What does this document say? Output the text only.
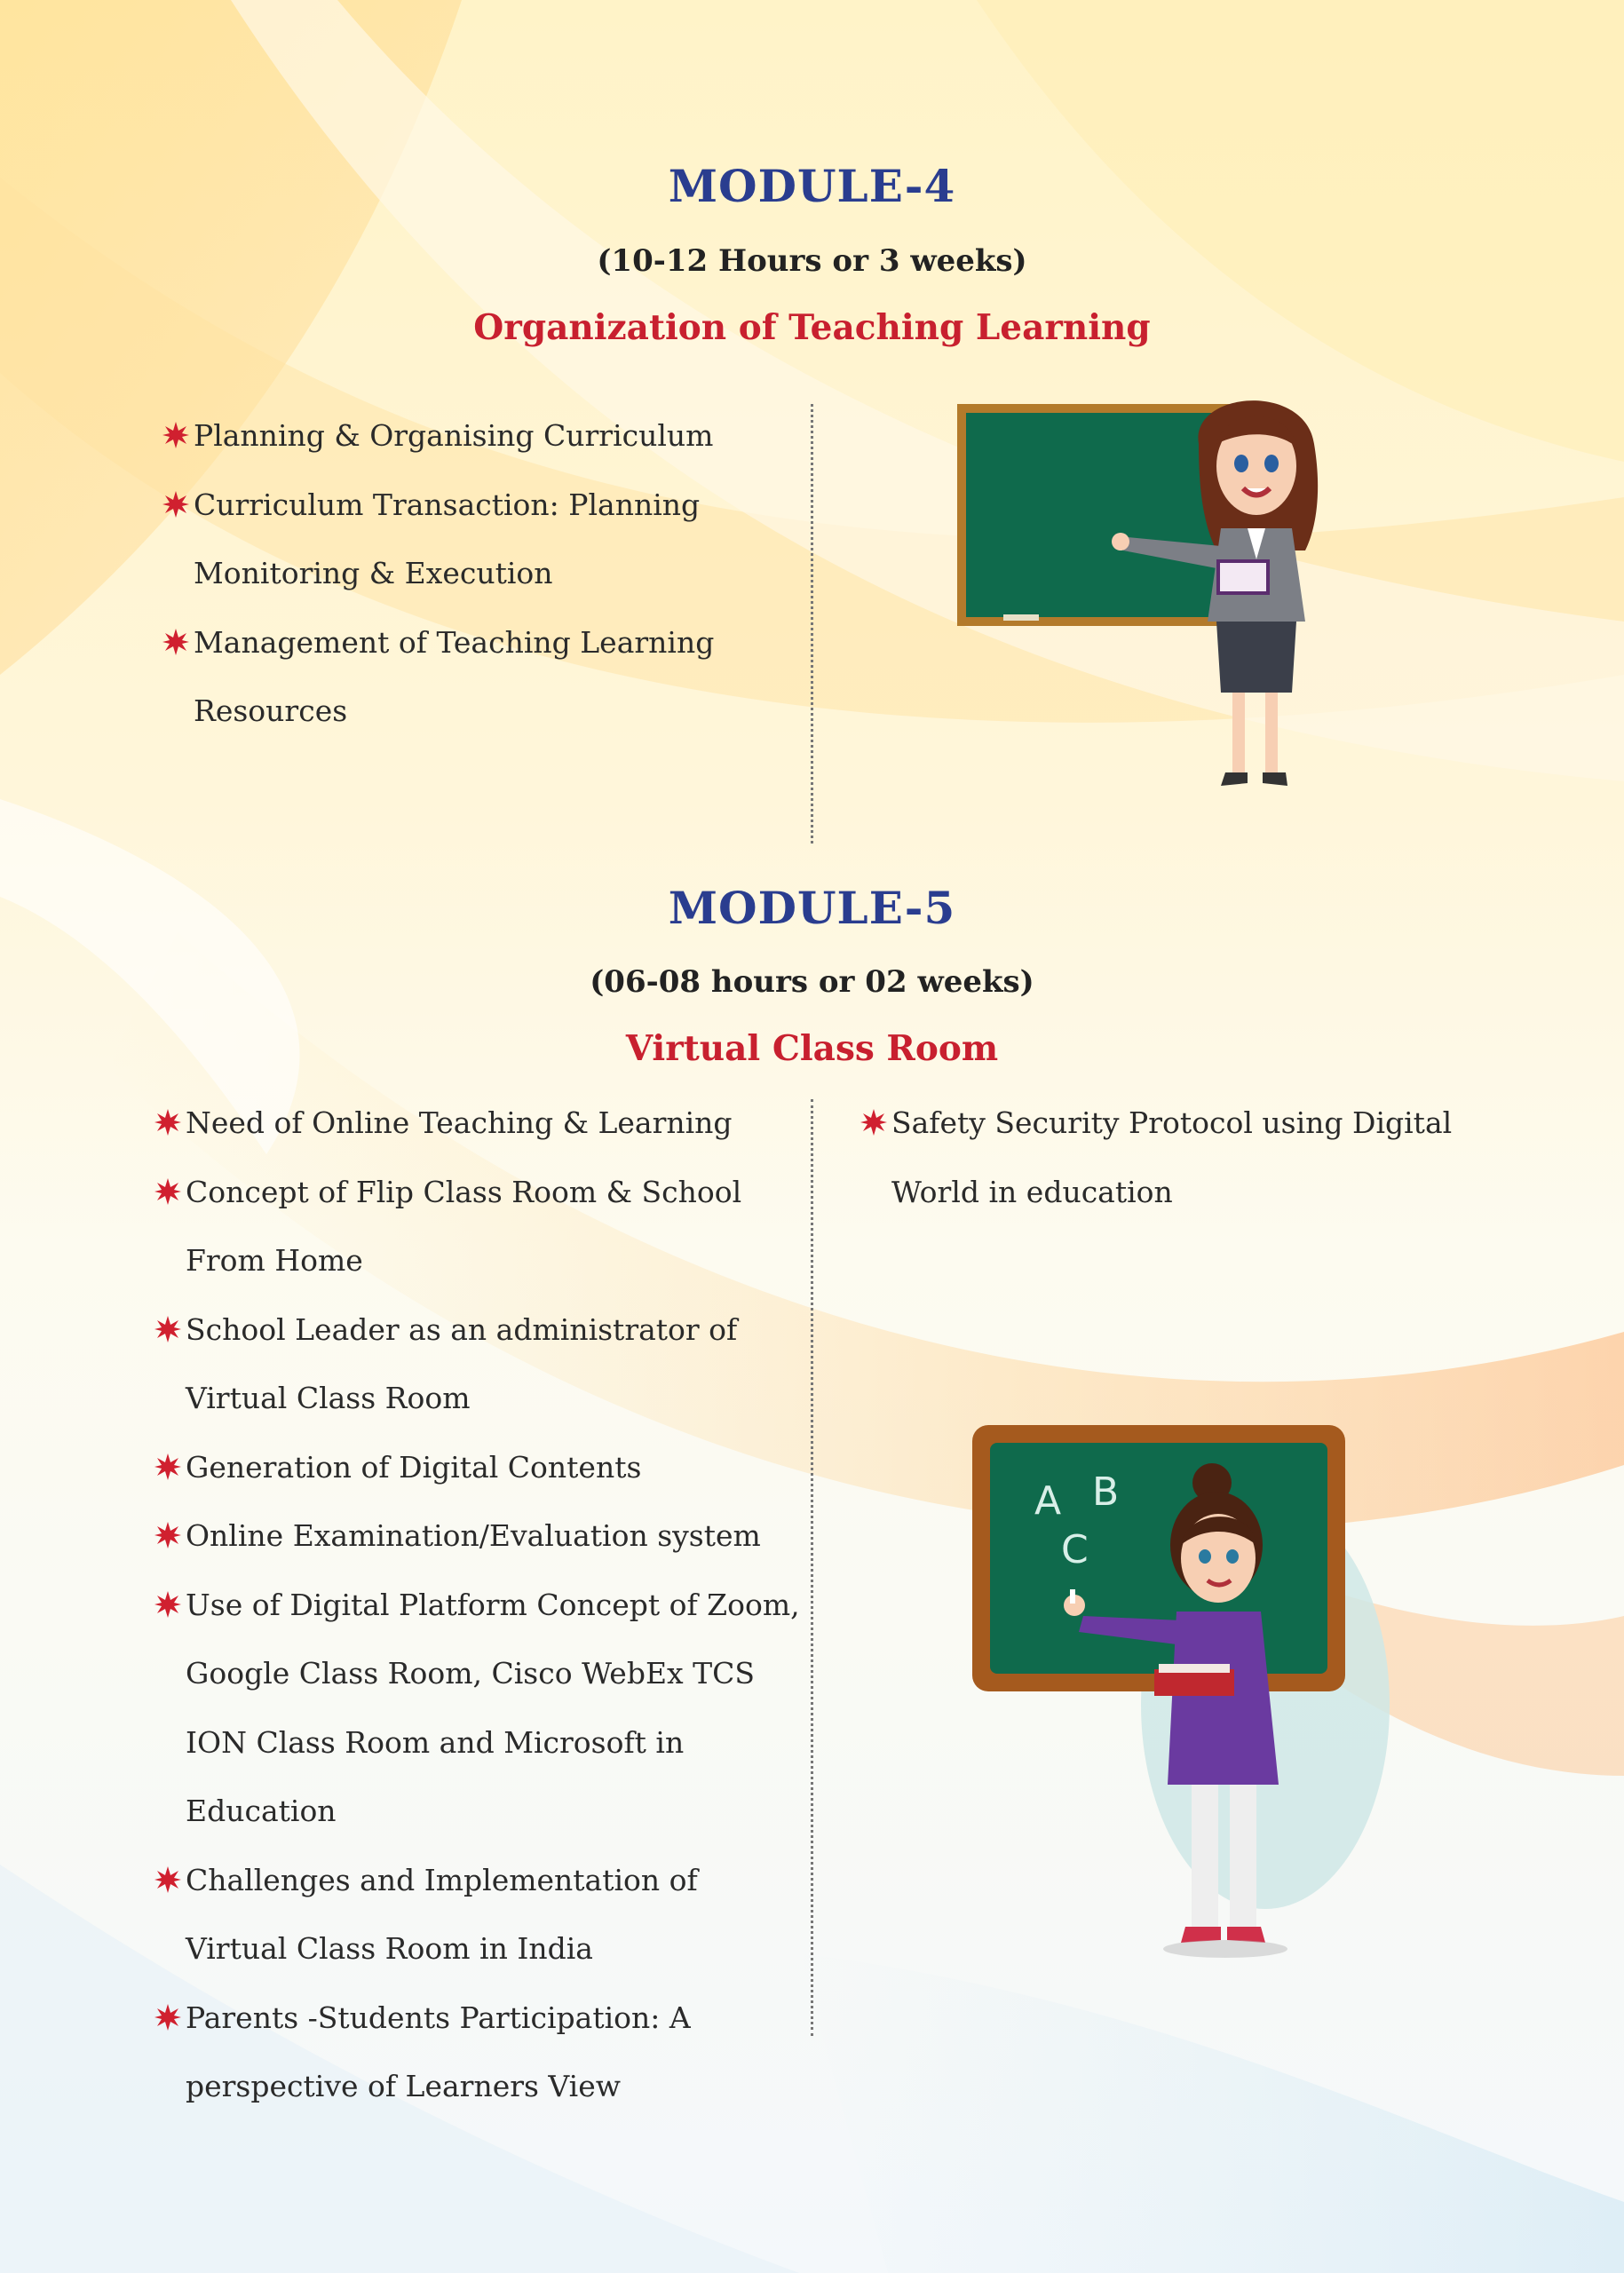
MODULE-4
(10-12 Hours or 3 weeks)
Organization of Teaching Learning
Planning & Organising Curriculum
Curriculum Transaction: Planning Monitoring & Execution
Management of Teaching Learning Resources
MODULE-5
(06-08 hours or 02 weeks)
Virtual Class Room
Need of Online Teaching & Learning
Concept of Flip Class Room & School From Home
School Leader as an administrator of Virtual Class Room
Generation of Digital Contents
Online Examination/Evaluation system
Use of Digital Platform Concept of Zoom, Google Class Room, Cisco WebEx TCS ION Class Room and Microsoft in Education
Challenges and Implementation of Virtual Class Room in India
Parents -Students Participation: A perspective of Learners View
Safety Security Protocol using Digital World in education
A B
C
